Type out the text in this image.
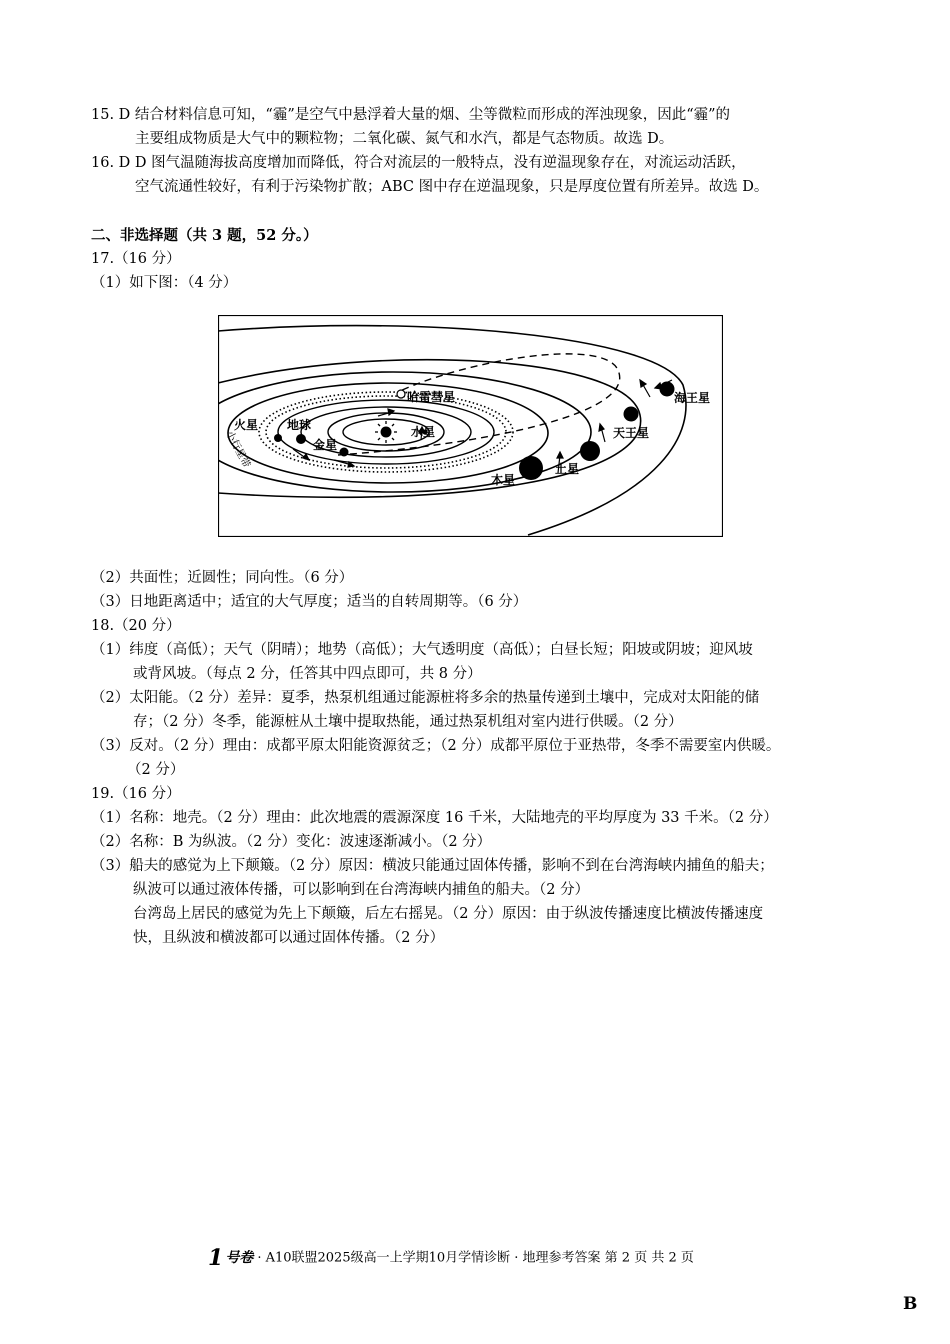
15. D 结合材料信息可知，“霾”是空气中悬浮着大量的烟、尘等微粒而形成的浑浊现象，因此“霾”的
主要组成物质是大气中的颗粒物；二氧化碳、氮气和水汽，都是气态物质。故选 D。
16. D D 图气温随海拔高度增加而降低，符合对流层的一般特点，没有逆温现象存在，对流运动活跃，
空气流通性较好，有利于污染物扩散；ABC 图中存在逆温现象，只是厚度位置有所差异。故选 D。
二、非选择题（共 3 题，52 分。）
17.（16 分）
（1）如下图：（4 分）
哈雷彗星
火星 地球
金星
水星
木星
土星
天王星
海王星
小行星带
（2）共面性；近圆性；同向性。（6 分）
（3）日地距离适中；适宜的大气厚度；适当的自转周期等。（6 分）
18.（20 分）
（1）纬度（高低）；天气（阴晴）；地势（高低）；大气透明度（高低）；白昼长短；阳坡或阴坡；迎风坡
或背风坡。（每点 2 分，任答其中四点即可，共 8 分）
（2）太阳能。（2 分）差异：夏季，热泵机组通过能源桩将多余的热量传递到土壤中，完成对太阳能的储
存；（2 分）冬季，能源桩从土壤中提取热能，通过热泵机组对室内进行供暖。（2 分）
（3）反对。（2 分）理由：成都平原太阳能资源贫乏；（2 分）成都平原位于亚热带，冬季不需要室内供暖。
（2 分）
19.（16 分）
（1）名称：地壳。（2 分）理由：此次地震的震源深度 16 千米，大陆地壳的平均厚度为 33 千米。（2 分）
（2）名称：B 为纵波。（2 分）变化：波速逐渐减小。（2 分）
（3）船夫的感觉为上下颠簸。（2 分）原因：横波只能通过固体传播，影响不到在台湾海峡内捕鱼的船夫；
纵波可以通过液体传播，可以影响到在台湾海峡内捕鱼的船夫。（2 分）
台湾岛上居民的感觉为先上下颠簸，后左右摇晃。（2 分）原因：由于纵波传播速度比横波传播速度
快，且纵波和横波都可以通过固体传播。（2 分）
1 号卷 · A10联盟2025级高一上学期10月学情诊断 · 地理参考答案 第 2 页 共 2 页
B
